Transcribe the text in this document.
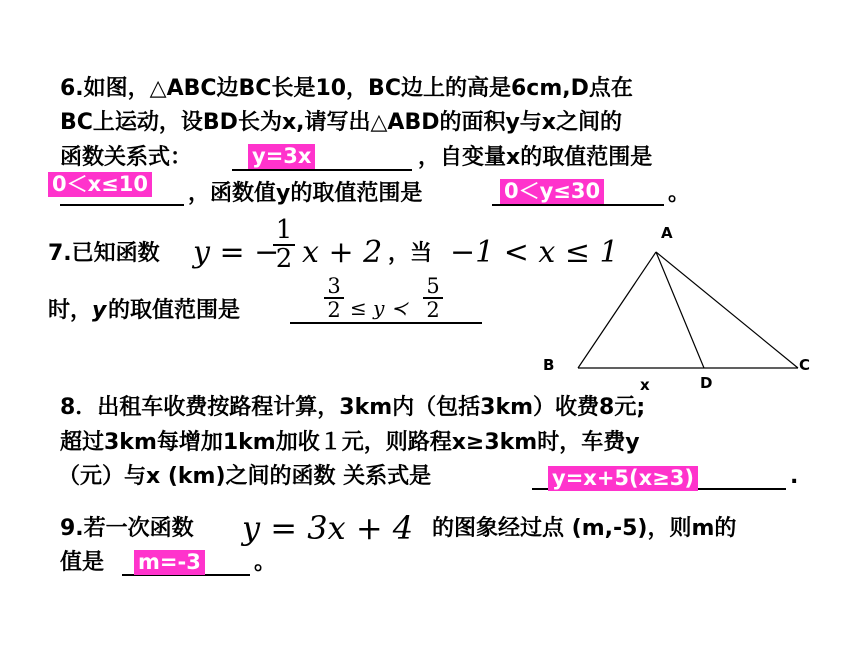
6.如图，△ABC边BC长是10，BC边上的高是6cm,D点在
BC上运动，设BD长为x,请写出△ABD的面积y与x之间的
函数关系式：	y=3x	，自变量x的取值范围是
0＜x≤10 ，函数值y的取值范围是	0＜y≤30	。
7.已知函数 y = −
1
2 x + 2 ，当 −1 < x ≤ 1
时， y 的取值范围是
3
2 ≤ y ≺
5
2
A
B	C
D
x
8．出租车收费按路程计算，3km内（包括3km）收费8元;
超过3km每增加1km加收１元，则路程x≥3km时，车费y
（元）与x (km)之间的函数 关系式是	y=x+5(x≥3)	.
9.若一次函数 y = 3x + 4 的图象经过点 (m,-5)，则m的
值是 m=-3 。
